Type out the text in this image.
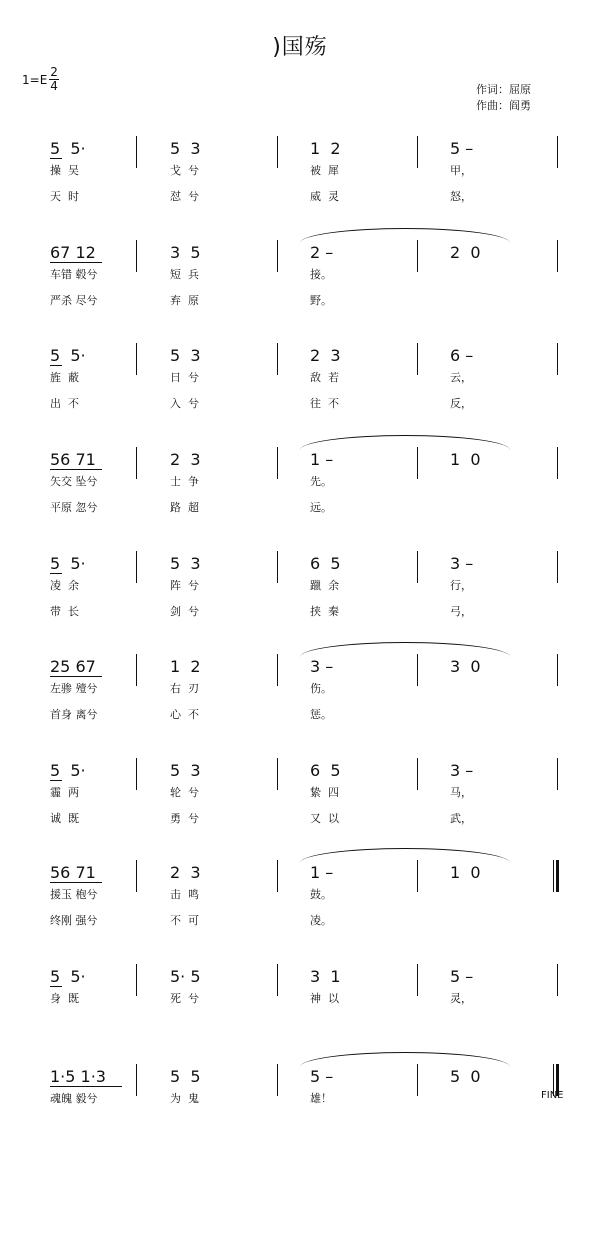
)国殇
$1=E \frac{2}{4}$	作词：屈原
作曲：阎勇
5  5·	5  3	1  2	5 –
操  吴	戈  兮	被  犀	甲，
天  时	怼  兮	威  灵	怒，
67 12	3  5	2 –	2  0
车错 毂兮	短  兵	接。
严杀 尽兮	弃  原	野。
5  5·	5  3	2  3	6 –
旌  蔽	日  兮	敌  若	云，
出  不	入  兮	往  不	反，
56 71	2  3	1 –	1  0
矢交 坠兮	士  争	先。
平原 忽兮	路  超	远。
5  5·	5  3	6  5	3 –
凌  余	阵  兮	躐  余	行，
带  长	剑  兮	挟  秦	弓，
25 67	1  2	3 –	3  0
左骖 殪兮	右  刃	伤。
首身 离兮	心  不	惩。
5  5·	5  3	6  5	3 –
霾  两	轮  兮	絷  四	马，
诚  既	勇  兮	又  以	武，
56 71	2  3	1 –	1  0
援玉 枹兮	击  鸣	鼓。
终刚 强兮	不  可	凌。
5  5·	5· 5	3  1	5 –
身  既	死  兮	神  以	灵，
1·5 1·3	5  5	5 –	5  0
魂魄 毅兮	为  鬼	雄！	FINE
